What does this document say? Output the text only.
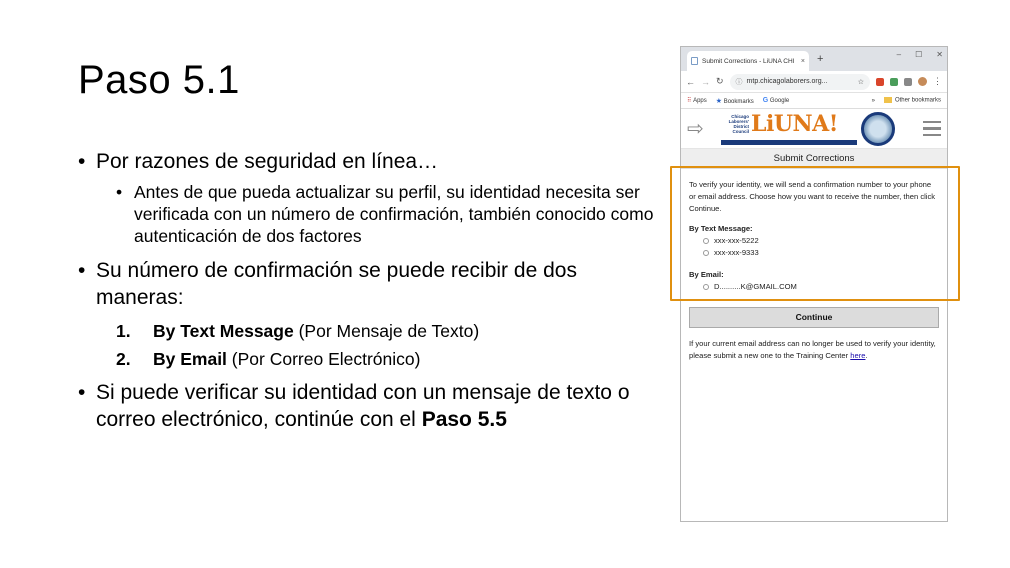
Paso 5.1
• Por razones de seguridad en línea…
• Antes de que pueda actualizar su perfil, su identidad necesita ser verificada con un número de confirmación, también conocido como autenticación de dos factores
• Su número de confirmación se puede recibir de dos maneras:
1. By Text Message (Por Mensaje de Texto)
2. By Email (Por Correo Electrónico)
• Si puede verificar su identidad con un mensaje de texto o correo electrónico, continúe con el Paso 5.5
Submit Corrections - LiUNA CHI × +	– ☐ ✕
← → ↻ ⓘ mtp.chicagolaborers.org...	☆	⋮
⠿ Apps ★ Bookmarks G Google	»	Other bookmarks
⇨
Chicago Laborers' District Council LiUNA!
Submit Corrections

To verify your identity, we will send a confirmation number to your phone or email address. Choose how you want to receive the number, then click Continue.

By Text Message:
xxx-xxx-5222
xxx-xxx-9333
By Email:
D..........K@GMAIL.COM
Continue

If your current email address can no longer be used to verify your identity, please submit a new one to the Training Center here.
